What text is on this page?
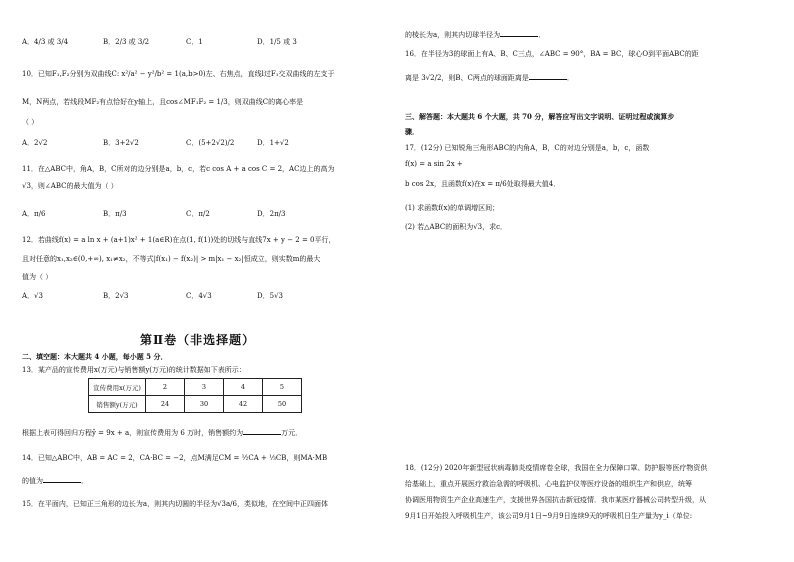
A．4/3 或 3/4	B．2/3 或 3/2	C．1	D．1/5 或 3
10．已知F₁,F₂分别为双曲线C: x²/a² − y²/b² = 1(a,b>0)左、右焦点，直线l过F₁交双曲线的左支于
M，N两点，若线段MF₂有点恰好在y轴上，且cos∠MF₁F₂ = 1/3，则双曲线C的离心率是
（ ）
A．2√2	B．3+2√2	C．(5+2√2)/2	D．1+√2
11．在△ABC中，角A，B，C所对的边分别是a，b，c，若c cos A + a cos C = 2，AC边上的高为
√3，则∠ABC的最大值为（ ）
A．π/6	B．π/3	C．π/2	D．2π/3
12．若曲线f(x) = a ln x + (a+1)x² + 1(a∈R)在点(1, f(1))处的切线与直线7x + y − 2 = 0平行，
且对任意的x₁,x₂∈(0,+∞), x₁≠x₂，不等式|f(x₁) − f(x₂)| > m|x₁ − x₂|恒成立，则实数m的最大
值为（ ）
A．√3	B．2√3	C．4√3	D．5√3
第Ⅱ卷（非选择题）
二、填空题：本大题共 4 小题，每小题 5 分．
13．某产品的宣传费用x(万元)与销售额y(万元)的统计数据如下表所示：
宣传费用x(万元)	2	3	4	5
销售额y(万元)	24	30	42	50
根据上表可得回归方程ŷ = 9x + a，则宣传费用为 6 万时，销售额约为	万元．
14．已知△ABC中，AB = AC = 2，CA·BC = −2，点M满足CM = ½CA + ⅓CB，则MA·MB
的值为	．
15．在平面内，已知正三角形的边长为a，则其内切圆的半径为√3a/6，类似地，在空间中正四面体
的棱长为a，则其内切球半径为	．
16．在半径为3的球面上有A、B、C三点，∠ABC = 90°，BA = BC，球心O到平面ABC的距
离是 3√2/2，则B、C两点的球面距离是	．
三、解答题：本大题共 6 个大题，共 70 分，解答应写出文字说明、证明过程或演算步
骤．
17．(12分) 已知锐角三角形ABC的内角A，B，C的对边分别是a，b，c，函数
f(x) = a sin 2x +
b cos 2x，且函数f(x)在x = π/6处取得最大值4．
(1) 求函数f(x)的单调增区间；
(2) 若△ABC的面积为√3，求c．
18．(12分) 2020年新型冠状病毒肺炎疫情席卷全球，我国在全力保障口罩、防护服等医疗物资供
给基础上，重点开展医疗救治急需的呼吸机、心电监护仪等医疗设备的组织生产和供应，统筹
协调医用物资生产企业高速生产，支援世界各国抗击新冠疫情．我市某医疗器械公司转型升级，从
9月1日开始投入呼吸机生产，该公司9月1日~9月9日连续9天的呼吸机日生产量为y_i（单位:
